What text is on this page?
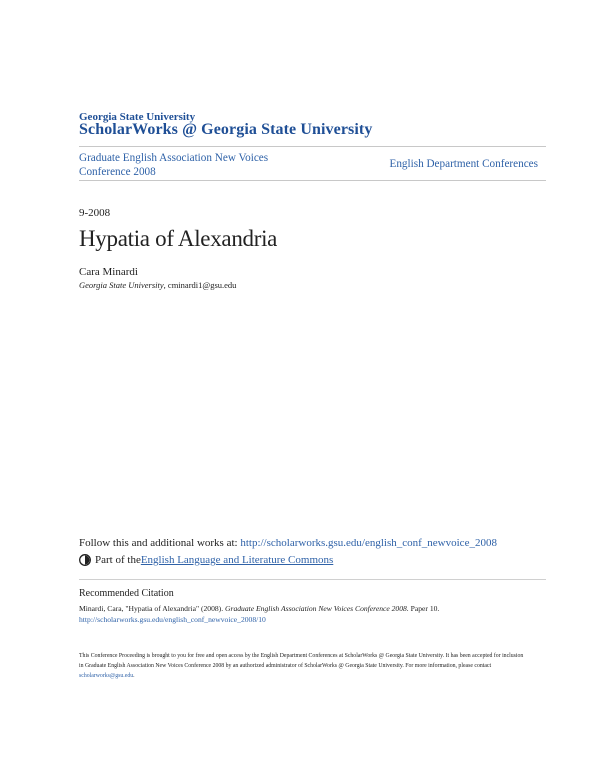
Georgia State University
ScholarWorks @ Georgia State University
Graduate English Association New Voices
Conference 2008
English Department Conferences
9-2008
Hypatia of Alexandria
Cara Minardi
Georgia State University, cminardi1@gsu.edu
Follow this and additional works at: http://scholarworks.gsu.edu/english_conf_newvoice_2008
Part of the English Language and Literature Commons
Recommended Citation
Minardi, Cara, "Hypatia of Alexandria" (2008). Graduate English Association New Voices Conference 2008. Paper 10.
http://scholarworks.gsu.edu/english_conf_newvoice_2008/10
This Conference Proceeding is brought to you for free and open access by the English Department Conferences at ScholarWorks @ Georgia State University. It has been accepted for inclusion in Graduate English Association New Voices Conference 2008 by an authorized administrator of ScholarWorks @ Georgia State University. For more information, please contact scholarworks@gsu.edu.
